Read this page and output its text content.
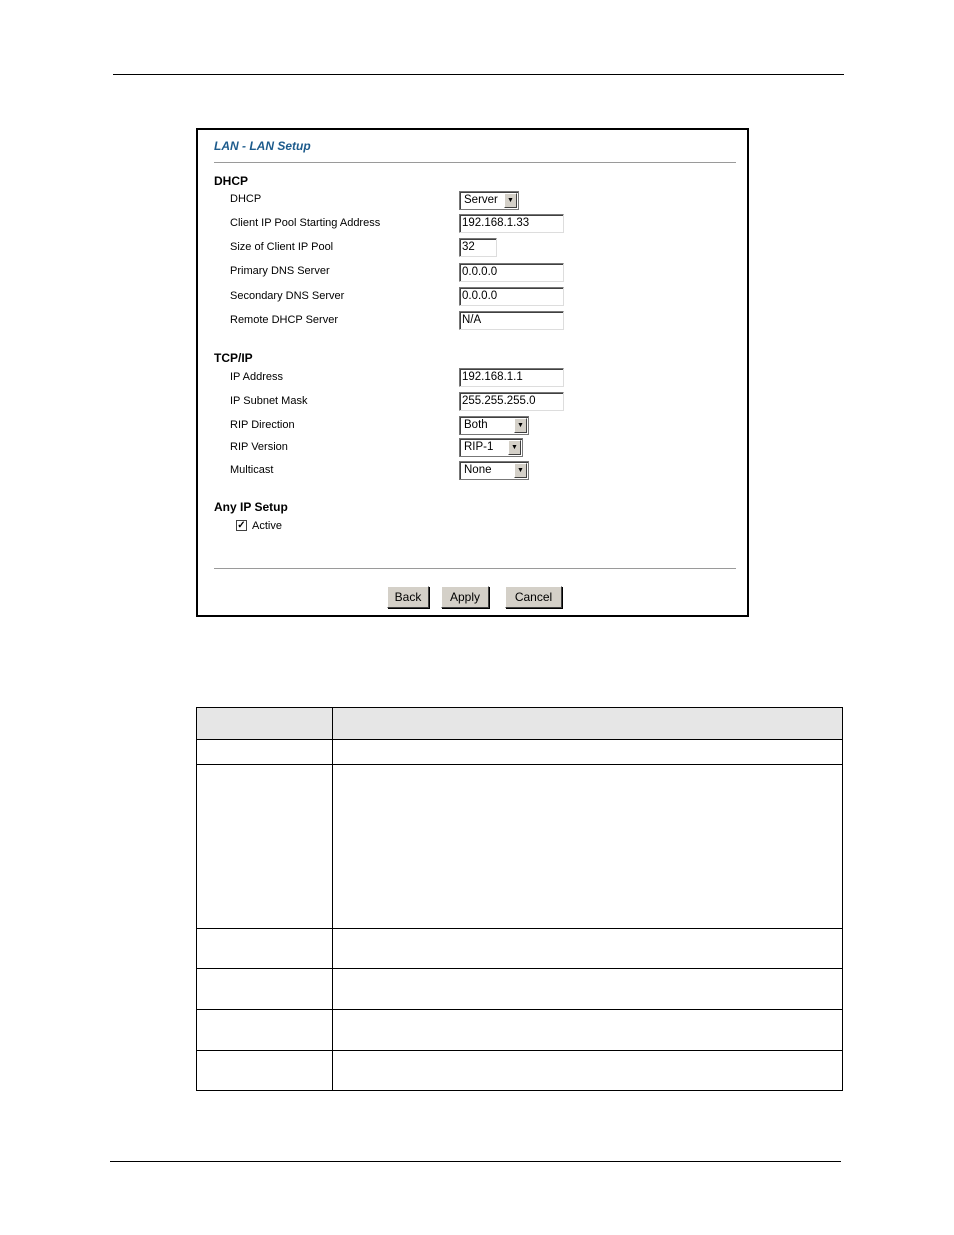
LAN - LAN Setup
DHCP
DHCP	Server	▼
Client IP Pool Starting Address	192.168.1.33
Size of Client IP Pool	32
Primary DNS Server	0.0.0.0
Secondary DNS Server	0.0.0.0
Remote DHCP Server	N/A
TCP/IP
IP Address	192.168.1.1
IP Subnet Mask	255.255.255.0
RIP Direction	Both	▼
RIP Version	RIP-1	▼
Multicast	None	▼
Any IP Setup
✓ Active
Back	Apply	Cancel
